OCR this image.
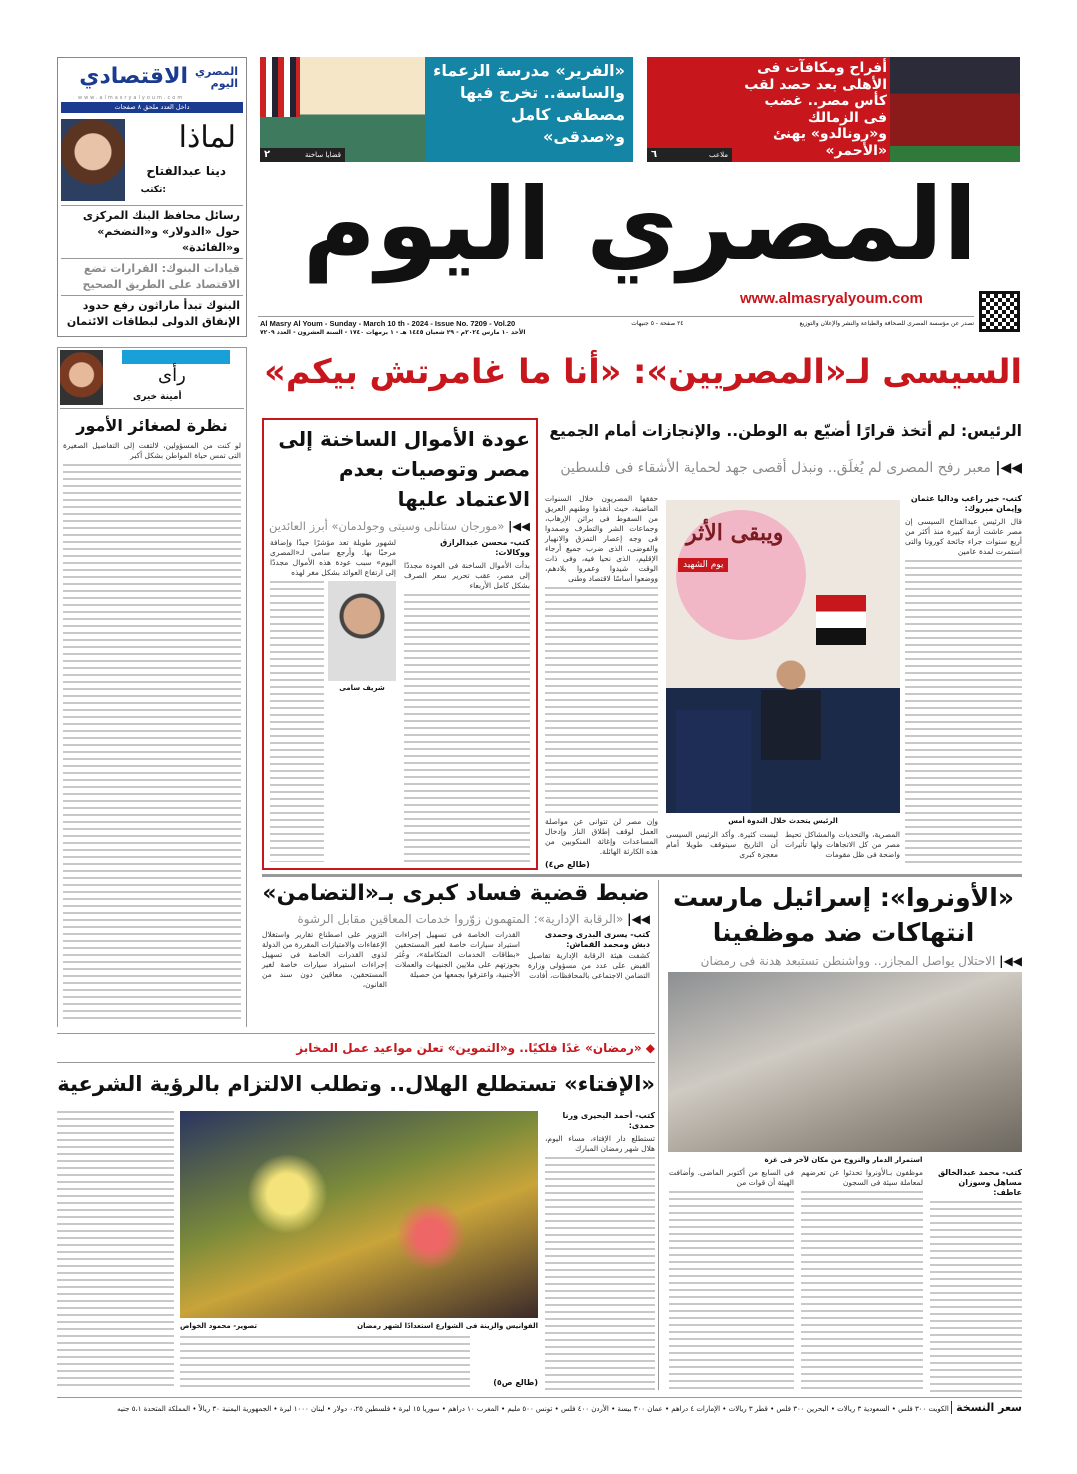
المصري اليوم
الاقتصادي
www.almasryalyoum.com
داخل العدد ملحق ٨ صفحات
لماذا
دينا عبدالفتاح
تكتب:
رسائل محافظ البنك المركزى حول «الدولار» و«التضخم» و«الفائدة»
قيادات البنوك: القرارات تضع الاقتصاد على الطريق الصحيح
البنوك تبدأ ماراثون رفع حدود الإنفاق الدولى لبطاقات الائتمان
«الفرير» مدرسة الزعماء والساسة.. تخرج فيها مصطفى كامل و«صدقى»
٢	قضايا ساخنة
أفراح ومكافآت فى الأهلى بعد حصد لقب كأس مصر.. غضب فى الزمالك و«رونالدو» يهنئ «الأحمر»
٦	ملاعب
المصري اليوم
www.almasryalyoum.com
Al Masry Al Youm - Sunday - March 10 th - 2024 - Issue No. 7209 - Vol.20	٢٤ صفحة - ٥ جنيهات	تصدر عن مؤسسة المصرى للصحافة والطباعة والنشر والإعلان والتوزيع
الأحد ١٠ مارس ٢٠٢٤م - ٢٩ شعبان ١٤٤٥ هـ - ١ برمهات ١٧٤٠ - السنة العشرون - العدد ٧٢٠٩
رأى
أمينة خيرى
نظرة لصغائر الأمور
لو كنت من المسؤولين، لالتفت إلى التفاصيل الصغيرة التى تمس حياة المواطن بشكل أكبر
السيسى لـ«المصريين»: «أنا ما غامرتش بيكم»
الرئيس: لم أتخذ قرارًا أضيّع به الوطن.. والإنجازات أمام الجميع
◀◀| معبر رفح المصرى لم يُغلَق.. ونبذل أقصى جهد لحماية الأشقاء فى فلسطين
كتب- خير راغب وداليا عثمان وإيمان مبروك:
قال الرئيس عبدالفتاح السيسى إن مصر عاشت أزمة كبيرة منذ أكثر من أربع سنوات جراء جائحة كورونا والتى استمرت لمدة عامين
حققها المصريون خلال السنوات الماضية، حيث أنقذوا وطنهم العريق من السقوط فى براثن الإرهاب، وجماعات الشر والتطرف وصمدوا فى وجه إعصار التمزق والانهيار والفوضى، الذى ضرب جميع أرجاء الإقليم، الذى نحيا فيه، وفى ذات الوقت شيدوا وعمروا بلادهم، ووضعوا أساسًا لاقتصاد وطنى
وإن مصر لن تتوانى عن مواصلة العمل لوقف إطلاق النار وإدخال المساعدات وإغاثة المنكوبين من هذه الكارثة الهائلة.
(طالع ص٤)
ويبقى الأثر
يوم الشهيد
الرئيس يتحدث خلال الندوة أمس
المصرية، والتحديات والمشاكل تحيط مصر من كل الاتجاهات ولها تأثيرات واضحة فى ظل مقومات
ليست كثيرة. وأكد الرئيس السيسى أن التاريخ سيتوقف طويلا أمام معجزة كبرى
عودة الأموال الساخنة إلى مصر وتوصيات بعدم الاعتماد عليها
◀◀| «مورجان ستانلى وسيتى وجولدمان» أبرز العائدين
كتب- محسن عبدالرازق ووكالات:
بدأت الأموال الساخنة فى العودة مجددًا إلى مصر، عقب تحرير سعر الصرف بشكل كامل الأربعاء
لشهور طويلة تعد مؤشرًا جيدًا وإضافة مرحبًا بها. وأرجع سامى لـ«المصرى اليوم» سبب عودة هذه الأموال مجددًا إلى ارتفاع العوائد بشكل مغر لهذه
شريف سامى
«الأونروا»: إسرائيل مارست انتهاكات ضد موظفينا
◀◀| الاحتلال يواصل المجازر.. وواشنطن تستبعد هدنة فى رمضان
استمرار الدمار والنزوح من مكان لآخر فى غزة
كتب- محمد عبدالخالق مساهل وسوزان عاطف:
موظفون بـالأونروا تحدثوا عن تعرضهم لمعاملة سيئة فى السجون
فى السابع من أكتوبر الماضى. وأضافت الهيئة أن قوات من
ضبط قضية فساد كبرى بـ«التضامن»
◀◀| «الرقابة الإدارية»: المتهمون زوّروا خدمات المعاقين مقابل الرشوة
كتب- يسرى البدرى وحمدى دبش ومحمد القماش:
كشفت هيئة الرقابة الإدارية تفاصيل القبض على عدد من مسؤولى وزارة التضامن الاجتماعى بالمحافظات، أفادت
القدرات الخاصة فى تسهيل إجراءات استيراد سيارات خاصة لغير المستحقين «بطاقات الخدمات المتكاملة»، وعُثر بحوزتهم على ملايين الجنيهات والعملات الأجنبية، واعترفوا بجمعها من حصيلة
التزوير على اصطناع تقارير واستغلال الإعفاءات والامتيازات المقررة من الدولة لذوى القدرات الخاصة فى تسهيل إجراءات استيراد سيارات خاصة لغير المستحقين، معاقين دون سند من القانون،
◆ «رمضان» غدًا فلكيًا.. و«التموين» تعلن مواعيد عمل المخابز
«الإفتاء» تستطلع الهلال.. وتطلب الالتزام بالرؤية الشرعية
كتب- أحمد البحيرى ورنا حمدى:
تستطلع دار الإفتاء، مساء اليوم، هلال شهر رمضان المبارك
الفوانيس والزينة فى الشوارع استعدادًا لشهر رمضان
تصوير- محمود الخواص
(طالع ص٥)
سعر النسخة الكويت ٣٠٠ فلس • السعودية ٣ ريالات • البحرين ٣٠٠ فلس • قطر ٣ ريالات • الإمارات ٤ دراهم • عمان ٣٠٠ بيسة • الأردن ٤٠٠ فلس • تونس ٥٠٠ مليم • المغرب ١٠ دراهم • سوريا ١٥ ليرة • فلسطين ٠،٢٥ دولار • لبنان ١٠٠٠ ليرة • الجمهورية اليمنية ٣٠ ريالاً • المملكة المتحدة ٥،١ جنيه
